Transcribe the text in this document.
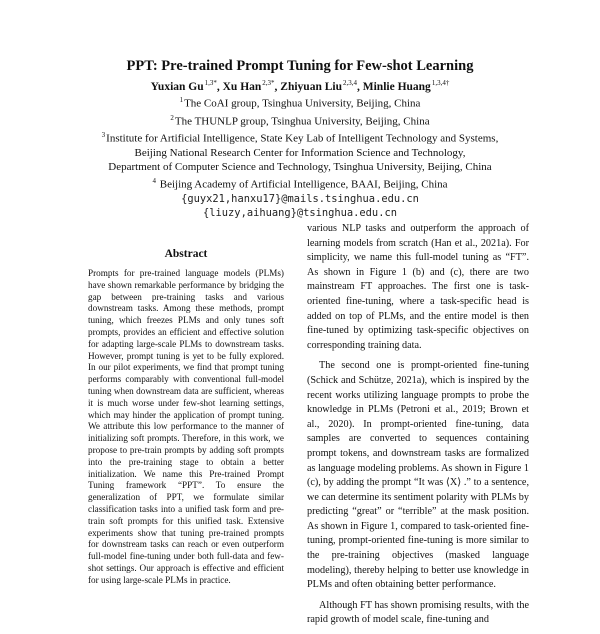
PPT: Pre-trained Prompt Tuning for Few-shot Learning
Yuxian $Gu^{1,3*}$, Xu Han$^{2,3*}$, Zhiyuan Liu$^{2,3,4}$, Minlie Huang$^{1,3,4\dagger}$
$^1$The CoAI group, Tsinghua University, Beijing, China
$^2$The THUNLP group, Tsinghua University, Beijing, China
$^3$Institute for Artificial Intelligence, State Key Lab of Intelligent Technology and Systems,
Beijing National Research Center for Information Science and Technology,
Department of Computer Science and Technology, Tsinghua University, Beijing, China
$^4$ Beijing Academy of Artificial Intelligence, BAAI, Beijing, China
{guyx21,hanxu17}@mails.tsinghua.edu.cn
{liuzy,aihuang}@tsinghua.edu.cn
Abstract

Prompts for pre-trained language models (PLMs) have shown remarkable performance by bridging the gap between pre-training tasks and various downstream tasks. Among these methods, prompt tuning, which freezes PLMs and only tunes soft prompts, provides an efficient and effective solution for adapting large-scale PLMs to downstream tasks. However, prompt tuning is yet to be fully explored. In our pilot experiments, we find that prompt tuning performs comparably with conventional full-model tuning when downstream data are sufficient, whereas it is much worse under few-shot learning settings, which may hinder the application of prompt tuning. We attribute this low performance to the manner of initializing soft prompts. Therefore, in this work, we propose to pre-train prompts by adding soft prompts into the pre-training stage to obtain a better initialization. We name this Pre-trained Prompt Tuning framework “PPT”. To ensure the generalization of PPT, we formulate similar classification tasks into a unified task form and pre-train soft prompts for this unified task. Extensive experiments show that tuning pre-trained prompts for downstream tasks can reach or even outperform full-model fine-tuning under both full-data and few-shot settings. Our approach is effective and efficient for using large-scale PLMs in practice.

various NLP tasks and outperform the approach of learning models from scratch (Han et al., 2021a). For simplicity, we name this full-model tuning as “FT”. As shown in Figure 1 (b) and (c), there are two mainstream FT approaches. The first one is task-oriented fine-tuning, where a task-specific head is added on top of PLMs, and the entire model is then fine-tuned by optimizing task-specific objectives on corresponding training data.

The second one is prompt-oriented fine-tuning (Schick and Schütze, 2021a), which is inspired by the recent works utilizing language prompts to probe the knowledge in PLMs (Petroni et al., 2019; Brown et al., 2020). In prompt-oriented fine-tuning, data samples are converted to sequences containing prompt tokens, and downstream tasks are formalized as language modeling problems. As shown in Figure 1 (c), by adding the prompt “It was ⟨X⟩ .” to a sentence, we can determine its sentiment polarity with PLMs by predicting “great” or “terrible” at the mask position. As shown in Figure 1, compared to task-oriented fine-tuning, prompt-oriented fine-tuning is more similar to the pre-training objectives (masked language modeling), thereby helping to better use knowledge in PLMs and often obtaining better performance.

Although FT has shown promising results, with the rapid growth of model scale, fine-tuning and
